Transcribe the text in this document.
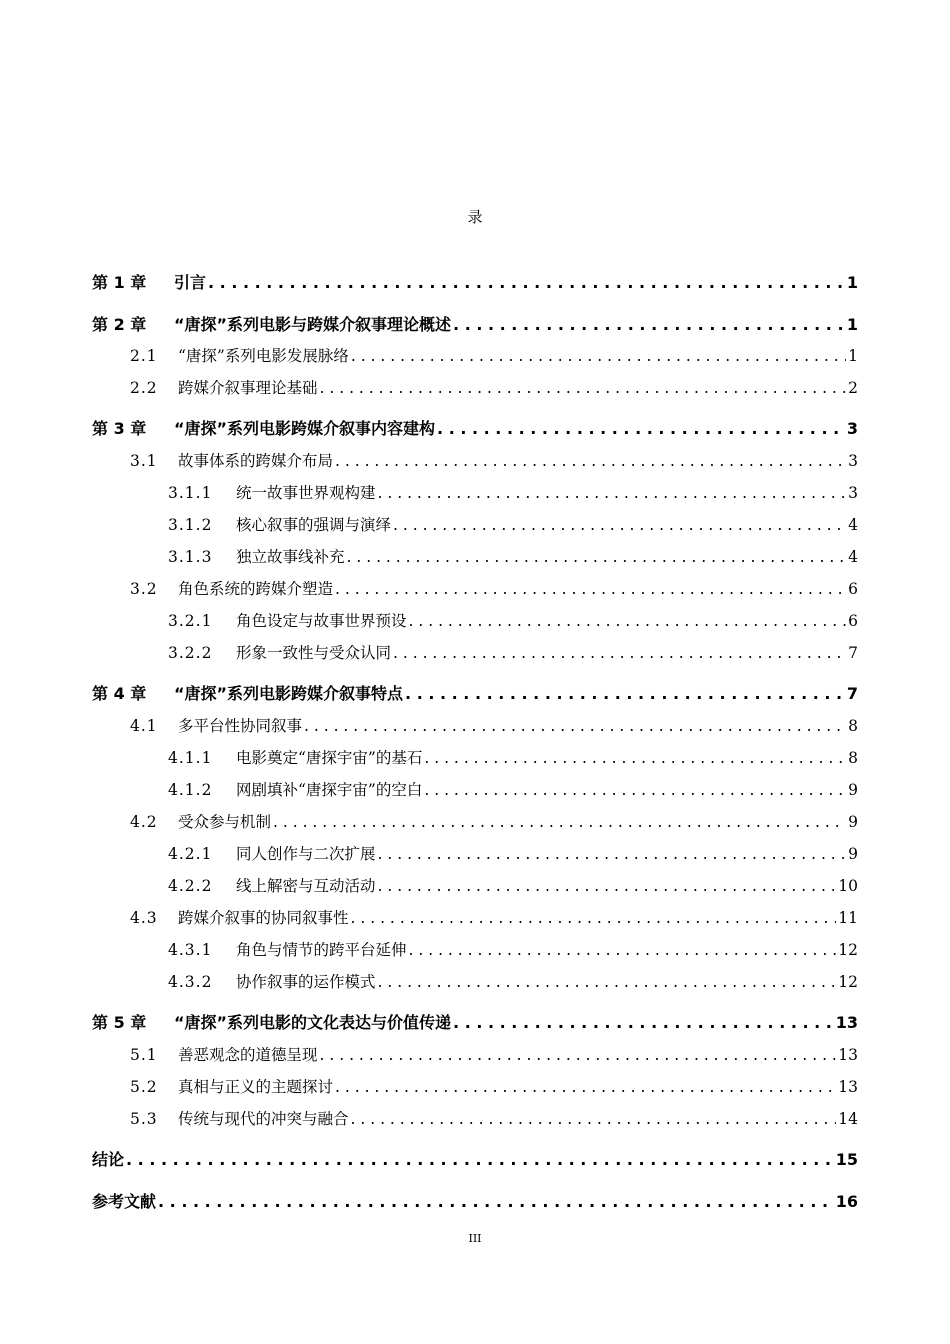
录
第 1 章	引言 . . .	1
第 2 章	“唐探”系列电影与跨媒介叙事理论概述 . . .	1
2.1	“唐探”系列电影发展脉络 . . .	1
2.2	跨媒介叙事理论基础 . . .	2
第 3 章	“唐探”系列电影跨媒介叙事内容建构 . . .	3
3.1	故事体系的跨媒介布局 . . .	3
3.1.1	统一故事世界观构建 . . .	3
3.1.2	核心叙事的强调与演绎 . . .	4
3.1.3	独立故事线补充 . . .	4
3.2	角色系统的跨媒介塑造 . . .	6
3.2.1	角色设定与故事世界预设 . . .	6
3.2.2	形象一致性与受众认同 . . .	7
第 4 章	“唐探”系列电影跨媒介叙事特点 . . .	7
4.1	多平台性协同叙事 . . .	8
4.1.1	电影奠定“唐探宇宙”的基石 . . .	8
4.1.2	网剧填补“唐探宇宙”的空白 . . .	9
4.2	受众参与机制 . . .	9
4.2.1	同人创作与二次扩展 . . .	9
4.2.2	线上解密与互动活动 . . .	10
4.3	跨媒介叙事的协同叙事性 . . .	11
4.3.1	角色与情节的跨平台延伸 . . .	12
4.3.2	协作叙事的运作模式 . . .	12
第 5 章	“唐探”系列电影的文化表达与价值传递 . . .	13
5.1	善恶观念的道德呈现 . . .	13
5.2	真相与正义的主题探讨 . . .	13
5.3	传统与现代的冲突与融合 . . .	14
结论 . . .	15
参考文献 . . .	16
III
